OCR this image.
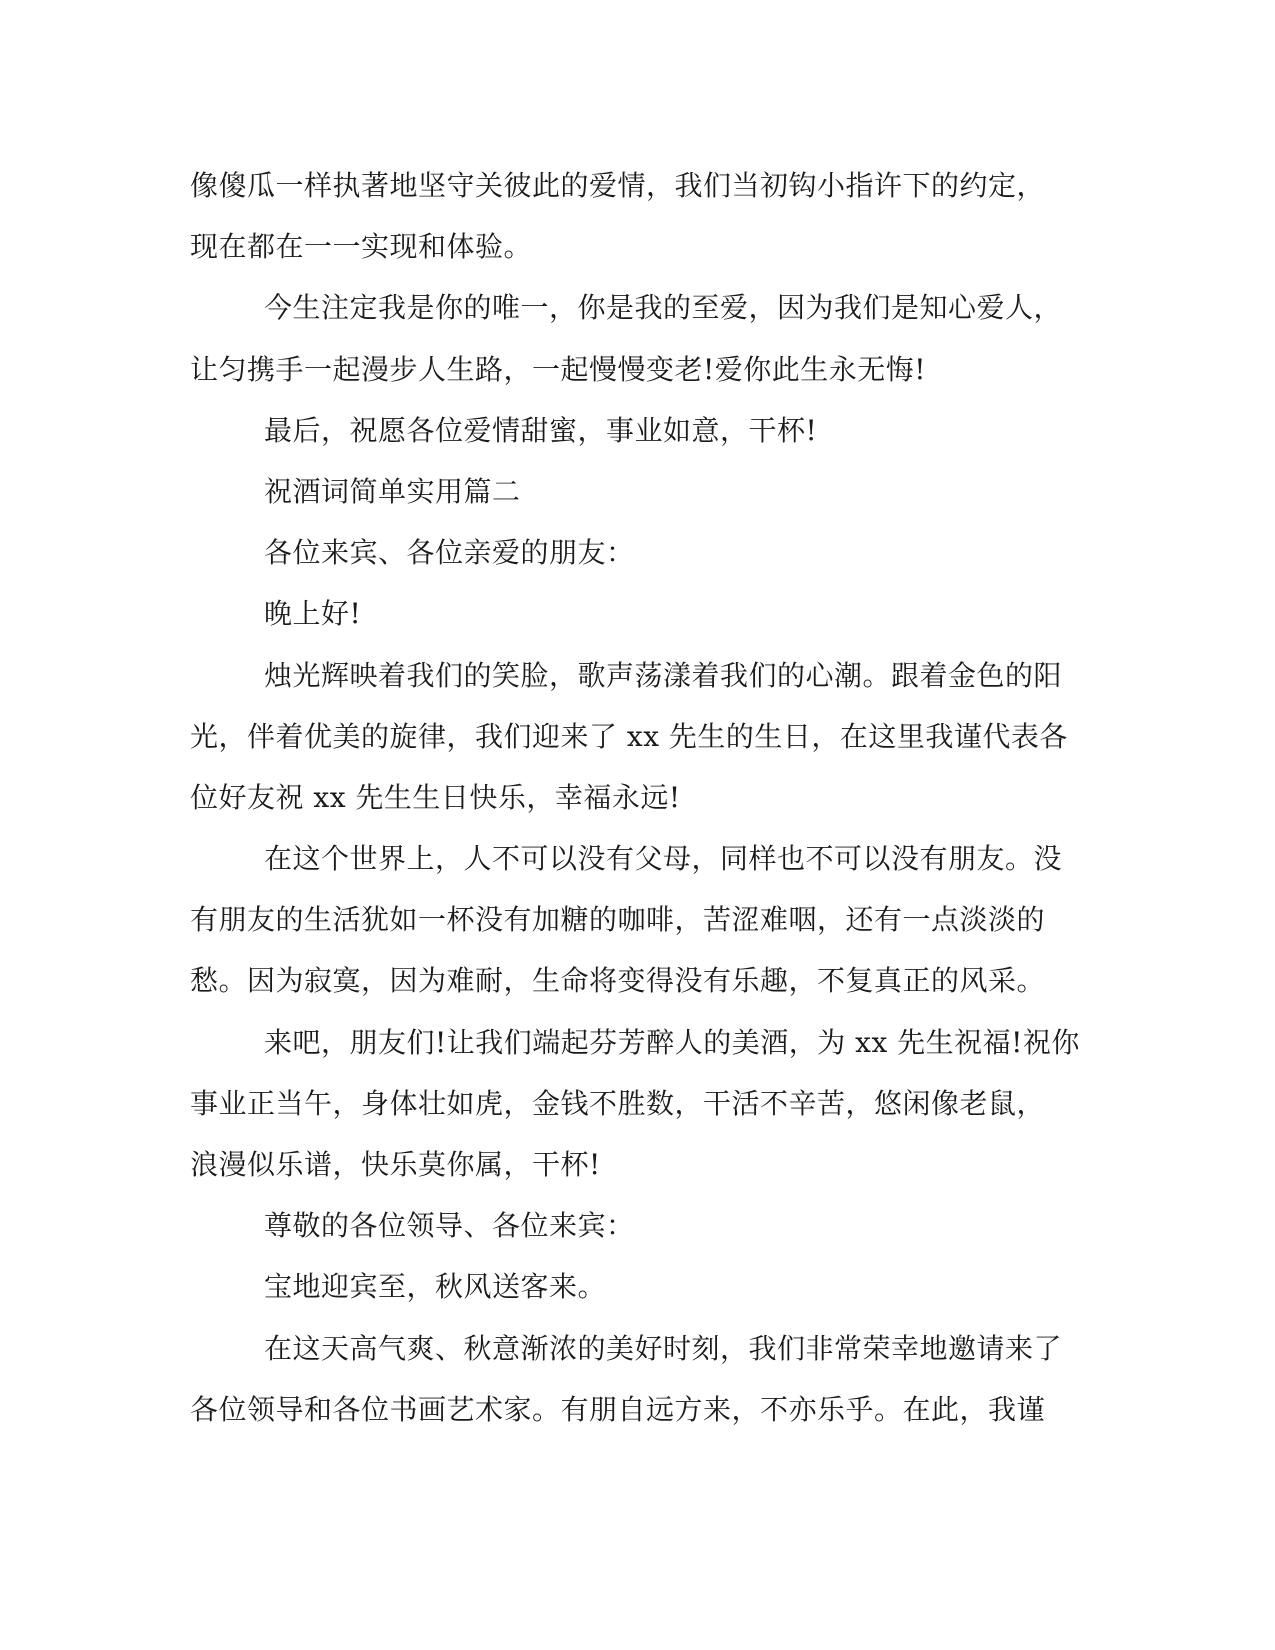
像傻瓜一样执著地坚守关彼此的爱情，我们当初钩小指许下的约定，
现在都在一一实现和体验。
今生注定我是你的唯一，你是我的至爱，因为我们是知心爱人，
让匀携手一起漫步人生路，一起慢慢变老!爱你此生永无悔!
最后，祝愿各位爱情甜蜜，事业如意，干杯!
祝酒词简单实用篇二
各位来宾、各位亲爱的朋友：
晚上好!
烛光辉映着我们的笑脸，歌声荡漾着我们的心潮。跟着金色的阳
光，伴着优美的旋律，我们迎来了 xx 先生的生日，在这里我谨代表各
位好友祝 xx 先生生日快乐，幸福永远!
在这个世界上，人不可以没有父母，同样也不可以没有朋友。没
有朋友的生活犹如一杯没有加糖的咖啡，苦涩难咽，还有一点淡淡的
愁。因为寂寞，因为难耐，生命将变得没有乐趣，不复真正的风采。
来吧，朋友们!让我们端起芬芳醉人的美酒，为 xx 先生祝福!祝你
事业正当午，身体壮如虎，金钱不胜数，干活不辛苦，悠闲像老鼠，
浪漫似乐谱，快乐莫你属，干杯!
尊敬的各位领导、各位来宾：
宝地迎宾至，秋风送客来。
在这天高气爽、秋意渐浓的美好时刻，我们非常荣幸地邀请来了
各位领导和各位书画艺术家。有朋自远方来，不亦乐乎。在此，我谨
